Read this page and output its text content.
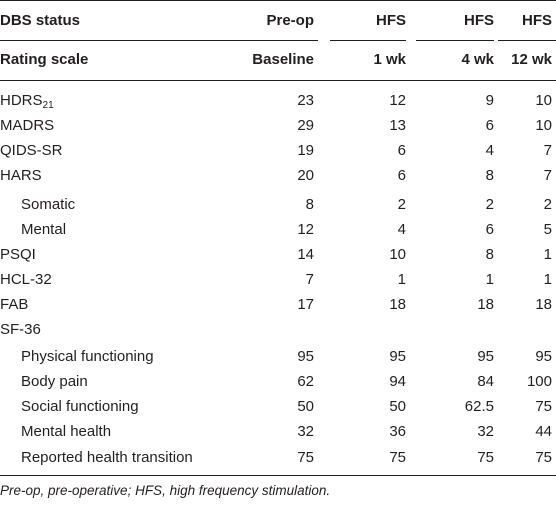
DBS status	Pre-op	HFS	HFS	HFS
Rating scale	Baseline	1 wk	4 wk	12 wk
$HDRS_{21}$	23	12	9	10
MADRS	29	13	6	10
QIDS-SR	19	6	4	7
HARS	20	6	8	7
Somatic	8	2	2	2
Mental	12	4	6	5
PSQI	14	10	8	1
HCL-32	7	1	1	1
FAB	17	18	18	18
SF-36
Physical functioning	95	95	95	95
Body pain	62	94	84	100
Social functioning	50	50	62.5	75
Mental health	32	36	32	44
Reported health transition	75	75	75	75
Pre-op, pre-operative; HFS, high frequency stimulation.
